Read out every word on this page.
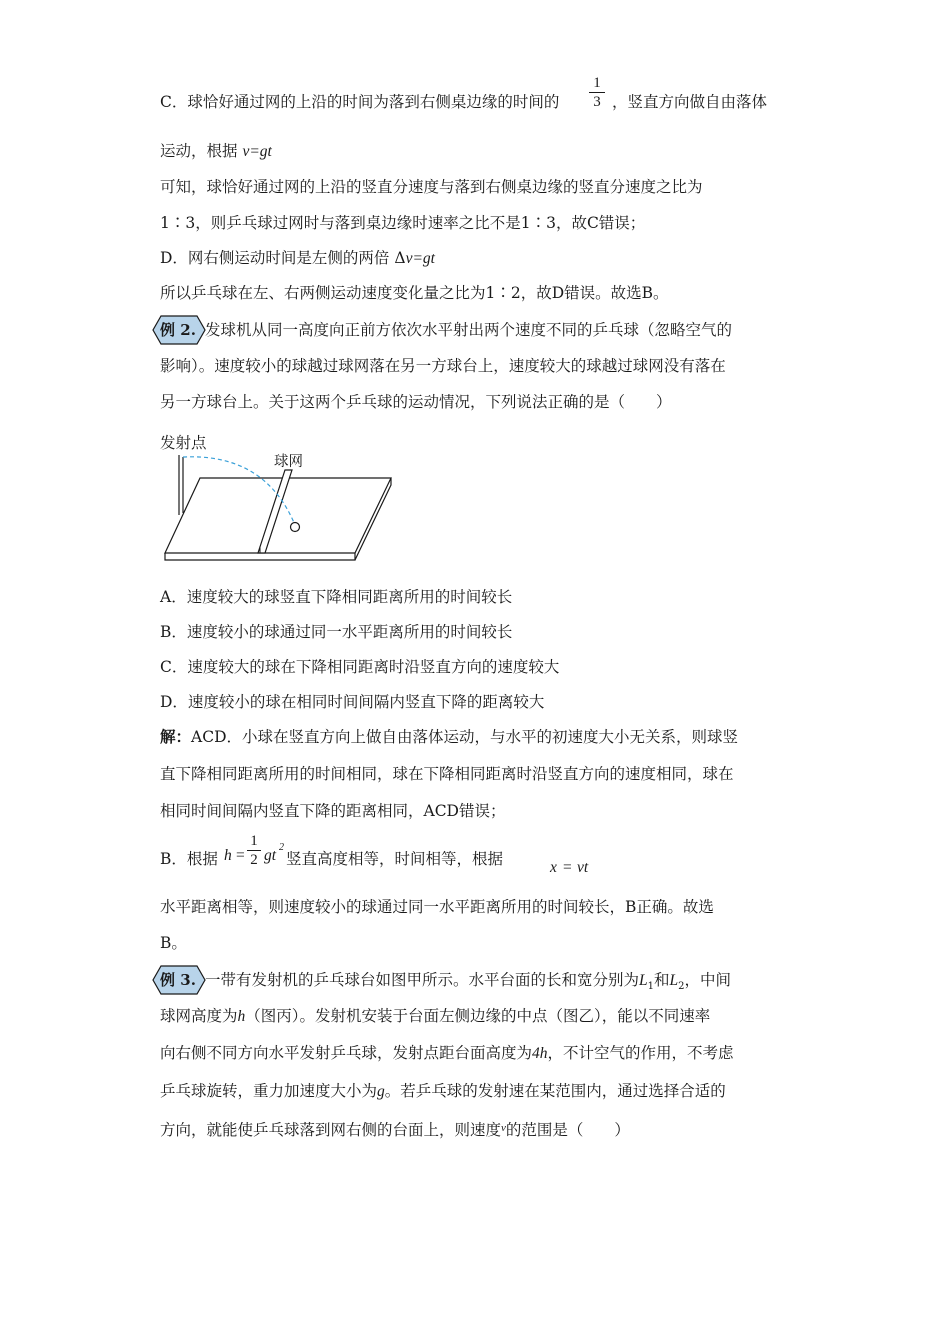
C．球恰好通过网的上沿的时间为落到右侧桌边缘的时间的
1
3 ，竖直方向做自由落体
运动，根据 v=gt
可知，球恰好通过网的上沿的竖直分速度与落到右侧桌边缘的竖直分速度之比为
1∶3，则乒乓球过网时与落到桌边缘时速率之比不是1∶3，故C错误；
D．网右侧运动时间是左侧的两倍 Δv=gt
所以乒乓球在左、右两侧运动速度变化量之比为1∶2，故D错误。故选B。
例 2. 发球机从同一高度向正前方依次水平射出两个速度不同的乒乓球（忽略空气的
影响）。速度较小的球越过球网落在另一方球台上，速度较大的球越过球网没有落在
另一方球台上。关于这两个乒乓球的运动情况，下列说法正确的是（　　）
发射点
球网
A．速度较大的球竖直下降相同距离所用的时间较长
B．速度较小的球通过同一水平距离所用的时间较长
C．速度较大的球在下降相同距离时沿竖直方向的速度较大
D．速度较小的球在相同时间间隔内竖直下降的距离较大
解：ACD．小球在竖直方向上做自由落体运动，与水平的初速度大小无关系，则球竖
直下降相同距离所用的时间相同，球在下降相同距离时沿竖直方向的速度相同，球在
相同时间间隔内竖直下降的距离相同，ACD错误；
B．根据 h =
1
2 gt 2
竖直高度相等，时间相等，根据	x = vt
水平距离相等，则速度较小的球通过同一水平距离所用的时间较长，B正确。故选
B。
例 3. 一带有发射机的乒乓球台如图甲所示。水平台面的长和宽分别为$L_1$和$L_2$，中间
球网高度为h（图丙）。发射机安装于台面左侧边缘的中点（图乙），能以不同速率
向右侧不同方向水平发射乒乓球，发射点距台面高度为4h，不计空气的作用，不考虑
乒乓球旋转，重力加速度大小为g。若乒乓球的发射速在某范围内，通过选择合适的
方向，就能使乒乓球落到网右侧的台面上，则速度$^v$的范围是（　　）
